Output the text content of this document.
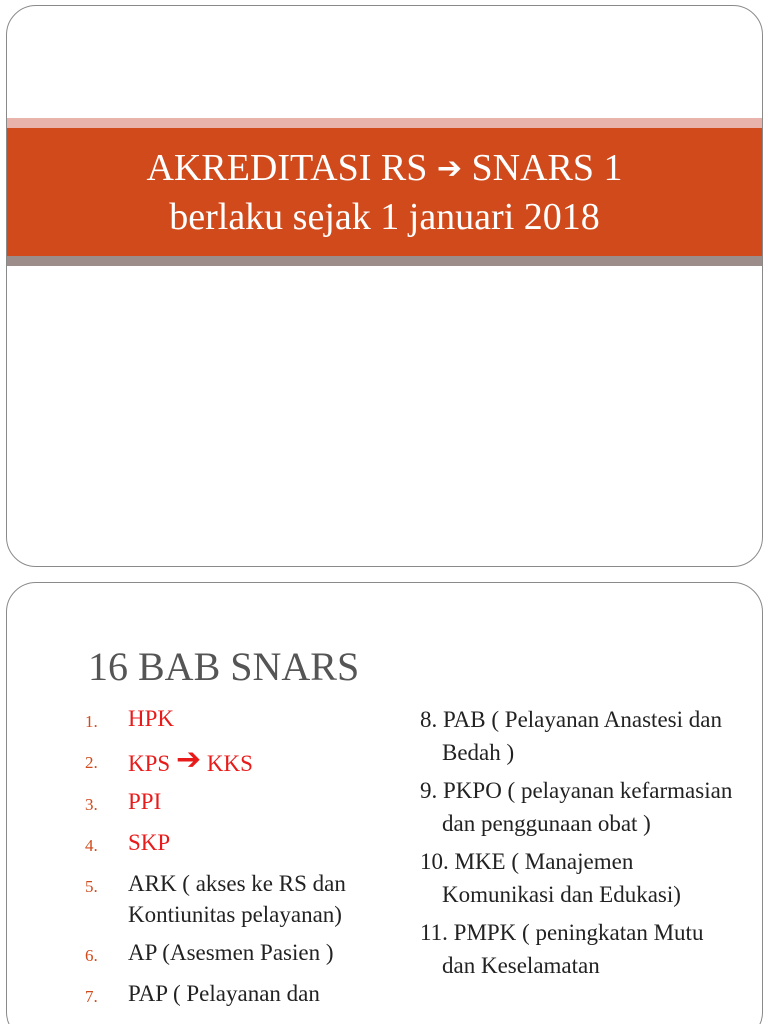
AKREDITASI RS ➔ SNARS 1
berlaku sejak 1 januari 2018
16 BAB SNARS
1.	HPK
2.	KPS ➔ KKS
3.	PPI
4.	SKP
5.	ARK ( akses ke RS dan Kontiunitas pelayanan)
6.	AP (Asesmen Pasien )
7.	PAP ( Pelayanan dan
8. PAB ( Pelayanan Anastesi dan Bedah )
9. PKPO ( pelayanan kefarmasian dan penggunaan obat )
10. MKE ( Manajemen Komunikasi dan Edukasi)
11. PMPK ( peningkatan Mutu dan Keselamatan
